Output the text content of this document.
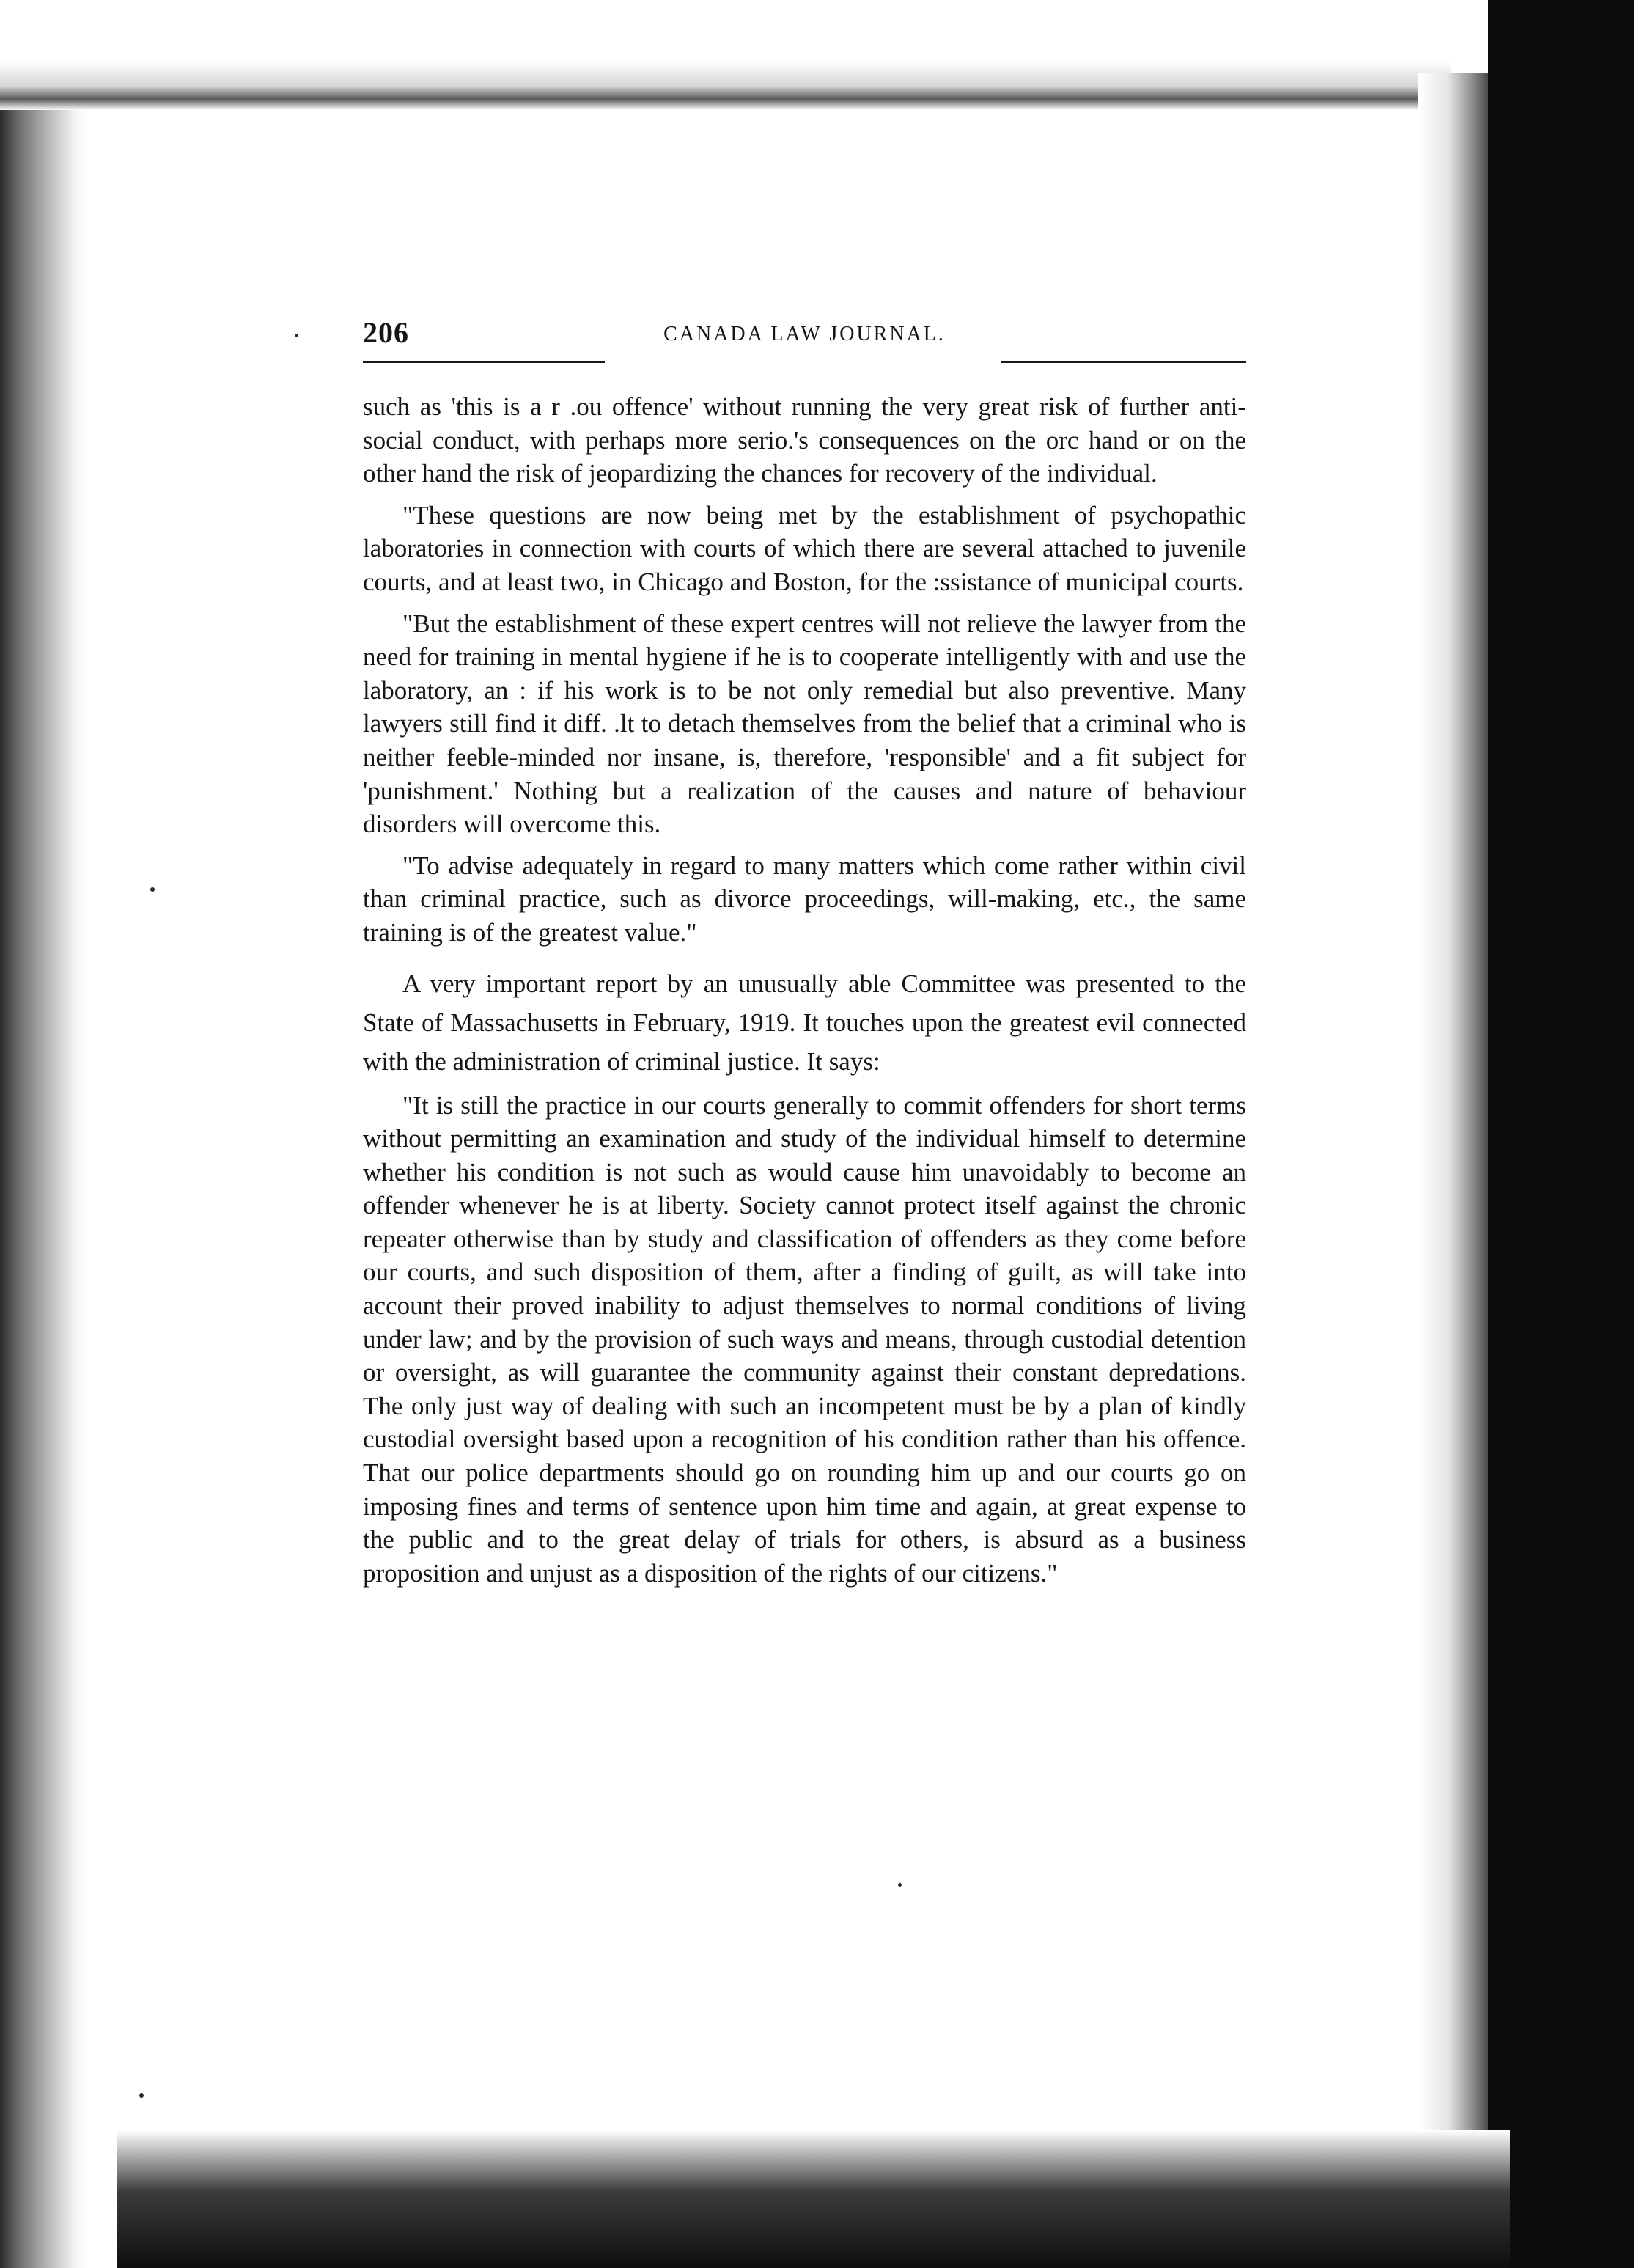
206	CANADA LAW JOURNAL.

such as 'this is a r .ou offence' without running the very great risk of further anti-social conduct, with perhaps more serio.'s consequences on the orc hand or on the other hand the risk of jeopardizing the chances for recovery of the individual.

"These questions are now being met by the establishment of psychopathic laboratories in connection with courts of which there are several attached to juvenile courts, and at least two, in Chicago and Boston, for the :ssistance of municipal courts.

"But the establishment of these expert centres will not relieve the lawyer from the need for training in mental hygiene if he is to cooperate intelligently with and use the laboratory, an : if his work is to be not only remedial but also preventive. Many lawyers still find it diff. .lt to detach themselves from the belief that a criminal who is neither feeble-minded nor insane, is, therefore, 'responsible' and a fit subject for 'punishment.' Nothing but a realization of the causes and nature of behaviour disorders will overcome this.

"To advise adequately in regard to many matters which come rather within civil than criminal practice, such as divorce proceedings, will-making, etc., the same training is of the greatest value."

A very important report by an unusually able Committee was presented to the State of Massachusetts in February, 1919. It touches upon the greatest evil connected with the administration of criminal justice. It says:

"It is still the practice in our courts generally to commit offenders for short terms without permitting an examination and study of the individual himself to determine whether his condition is not such as would cause him unavoidably to become an offender whenever he is at liberty. Society cannot protect itself against the chronic repeater otherwise than by study and classification of offenders as they come before our courts, and such disposition of them, after a finding of guilt, as will take into account their proved inability to adjust themselves to normal conditions of living under law; and by the provision of such ways and means, through custodial detention or oversight, as will guarantee the community against their constant depredations. The only just way of dealing with such an incompetent must be by a plan of kindly custodial oversight based upon a recognition of his condition rather than his offence. That our police departments should go on rounding him up and our courts go on imposing fines and terms of sentence upon him time and again, at great expense to the public and to the great delay of trials for others, is absurd as a business proposition and unjust as a disposition of the rights of our citizens."
